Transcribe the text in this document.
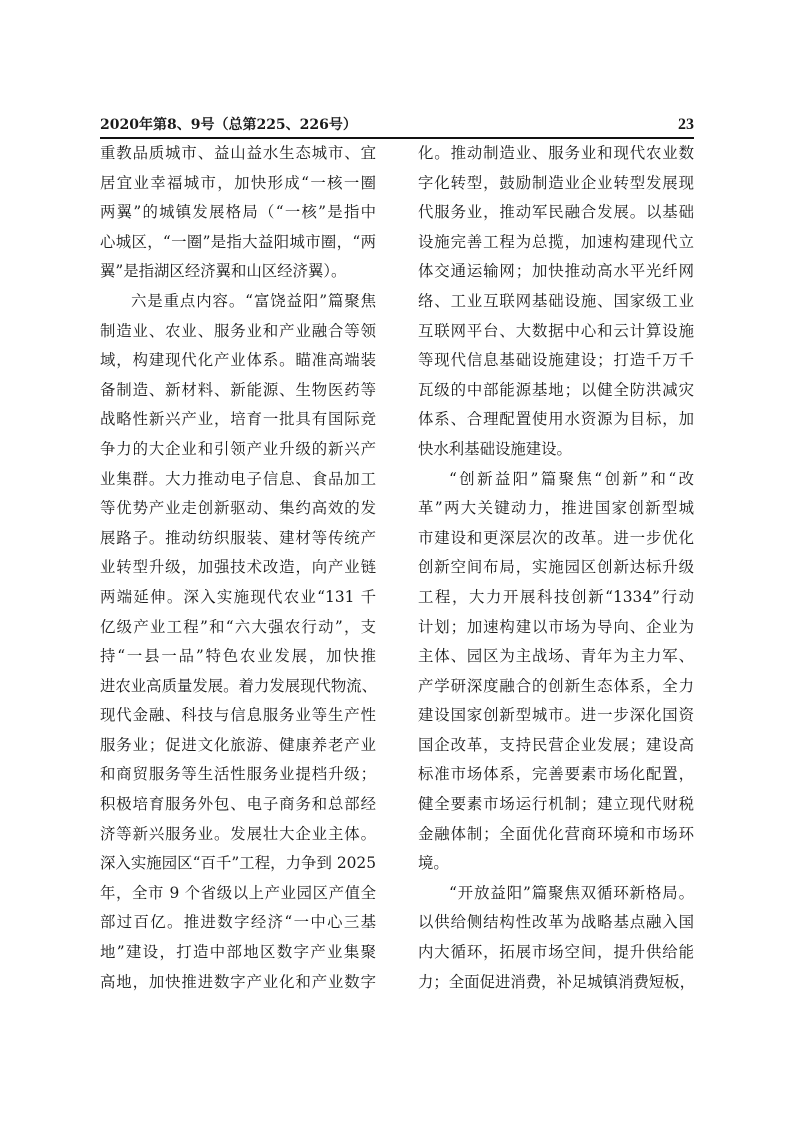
2020年第8、9号（总第225、226号）	23
重教品质城市、益山益水生态城市、宜
居宜业幸福城市，加快形成“一核一圈
两翼”的城镇发展格局（“一核”是指中
心城区，“一圈”是指大益阳城市圈，“两
翼”是指湖区经济翼和山区经济翼）。
六是重点内容。“富饶益阳”篇聚焦
制造业、农业、服务业和产业融合等领
域，构建现代化产业体系。瞄准高端装
备制造、新材料、新能源、生物医药等
战略性新兴产业，培育一批具有国际竞
争力的大企业和引领产业升级的新兴产
业集群。大力推动电子信息、食品加工
等优势产业走创新驱动、集约高效的发
展路子。推动纺织服装、建材等传统产
业转型升级，加强技术改造，向产业链
两端延伸。深入实施现代农业“131 千
亿级产业工程”和“六大强农行动”，支
持“一县一品”特色农业发展，加快推
进农业高质量发展。着力发展现代物流、
现代金融、科技与信息服务业等生产性
服务业；促进文化旅游、健康养老产业
和商贸服务等生活性服务业提档升级；
积极培育服务外包、电子商务和总部经
济等新兴服务业。发展壮大企业主体。
深入实施园区“百千”工程，力争到 2025
年，全市 9 个省级以上产业园区产值全
部过百亿。推进数字经济“一中心三基
地”建设，打造中部地区数字产业集聚
高地，加快推进数字产业化和产业数字
化。推动制造业、服务业和现代农业数
字化转型，鼓励制造业企业转型发展现
代服务业，推动军民融合发展。以基础
设施完善工程为总揽，加速构建现代立
体交通运输网；加快推动高水平光纤网
络、工业互联网基础设施、国家级工业
互联网平台、大数据中心和云计算设施
等现代信息基础设施建设；打造千万千
瓦级的中部能源基地；以健全防洪减灾
体系、合理配置使用水资源为目标，加
快水利基础设施建设。
“创新益阳”篇聚焦“创新”和“改
革”两大关键动力，推进国家创新型城
市建设和更深层次的改革。进一步优化
创新空间布局，实施园区创新达标升级
工程，大力开展科技创新“1334”行动
计划；加速构建以市场为导向、企业为
主体、园区为主战场、青年为主力军、
产学研深度融合的创新生态体系，全力
建设国家创新型城市。进一步深化国资
国企改革，支持民营企业发展；建设高
标准市场体系，完善要素市场化配置，
健全要素市场运行机制；建立现代财税
金融体制；全面优化营商环境和市场环
境。
“开放益阳”篇聚焦双循环新格局。
以供给侧结构性改革为战略基点融入国
内大循环，拓展市场空间，提升供给能
力；全面促进消费，补足城镇消费短板，
